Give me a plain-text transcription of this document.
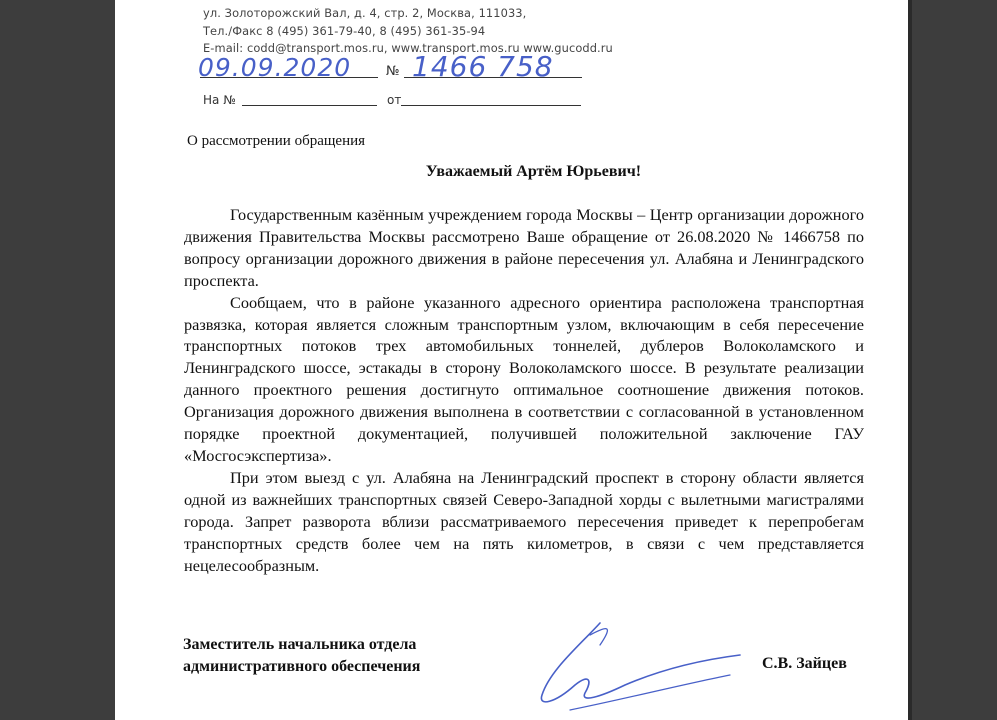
ул. Золоторожский Вал, д. 4, стр. 2, Москва, 111033,
Тел./Факс 8 (495) 361-79-40, 8 (495) 361-35-94
E-mail: codd@transport.mos.ru, www.transport.mos.ru www.gucodd.ru
09.09.2020	№ 1466 758
На №	от
О рассмотрении обращения
Уважаемый Артём Юрьевич!

Государственным казённым учреждением города Москвы – Центр организации дорожного движения Правительства Москвы рассмотрено Ваше обращение от 26.08.2020 № 1466758 по вопросу организации дорожного движения в районе пересечения ул. Алабяна и Ленинградского проспекта.

Сообщаем, что в районе указанного адресного ориентира расположена транспортная развязка, которая является сложным транспортным узлом, включающим в себя пересечение транспортных потоков трех автомобильных тоннелей, дублеров Волоколамского и Ленинградского шоссе, эстакады в сторону Волоколамского шоссе. В результате реализации данного проектного решения достигнуто оптимальное соотношение движения потоков. Организация дорожного движения выполнена в соответствии с согласованной в установленном порядке проектной документацией, получившей положительной заключение ГАУ «Мосгосэкспертиза».

При этом выезд с ул. Алабяна на Ленинградский проспект в сторону области является одной из важнейших транспортных связей Северо-Западной хорды с вылетными магистралями города. Запрет разворота вблизи рассматриваемого пересечения приведет к перепробегам транспортных средств более чем на пять километров, в связи с чем представляется нецелесообразным.

Заместитель начальника отдела
административного обеспечения	С.В. Зайцев
